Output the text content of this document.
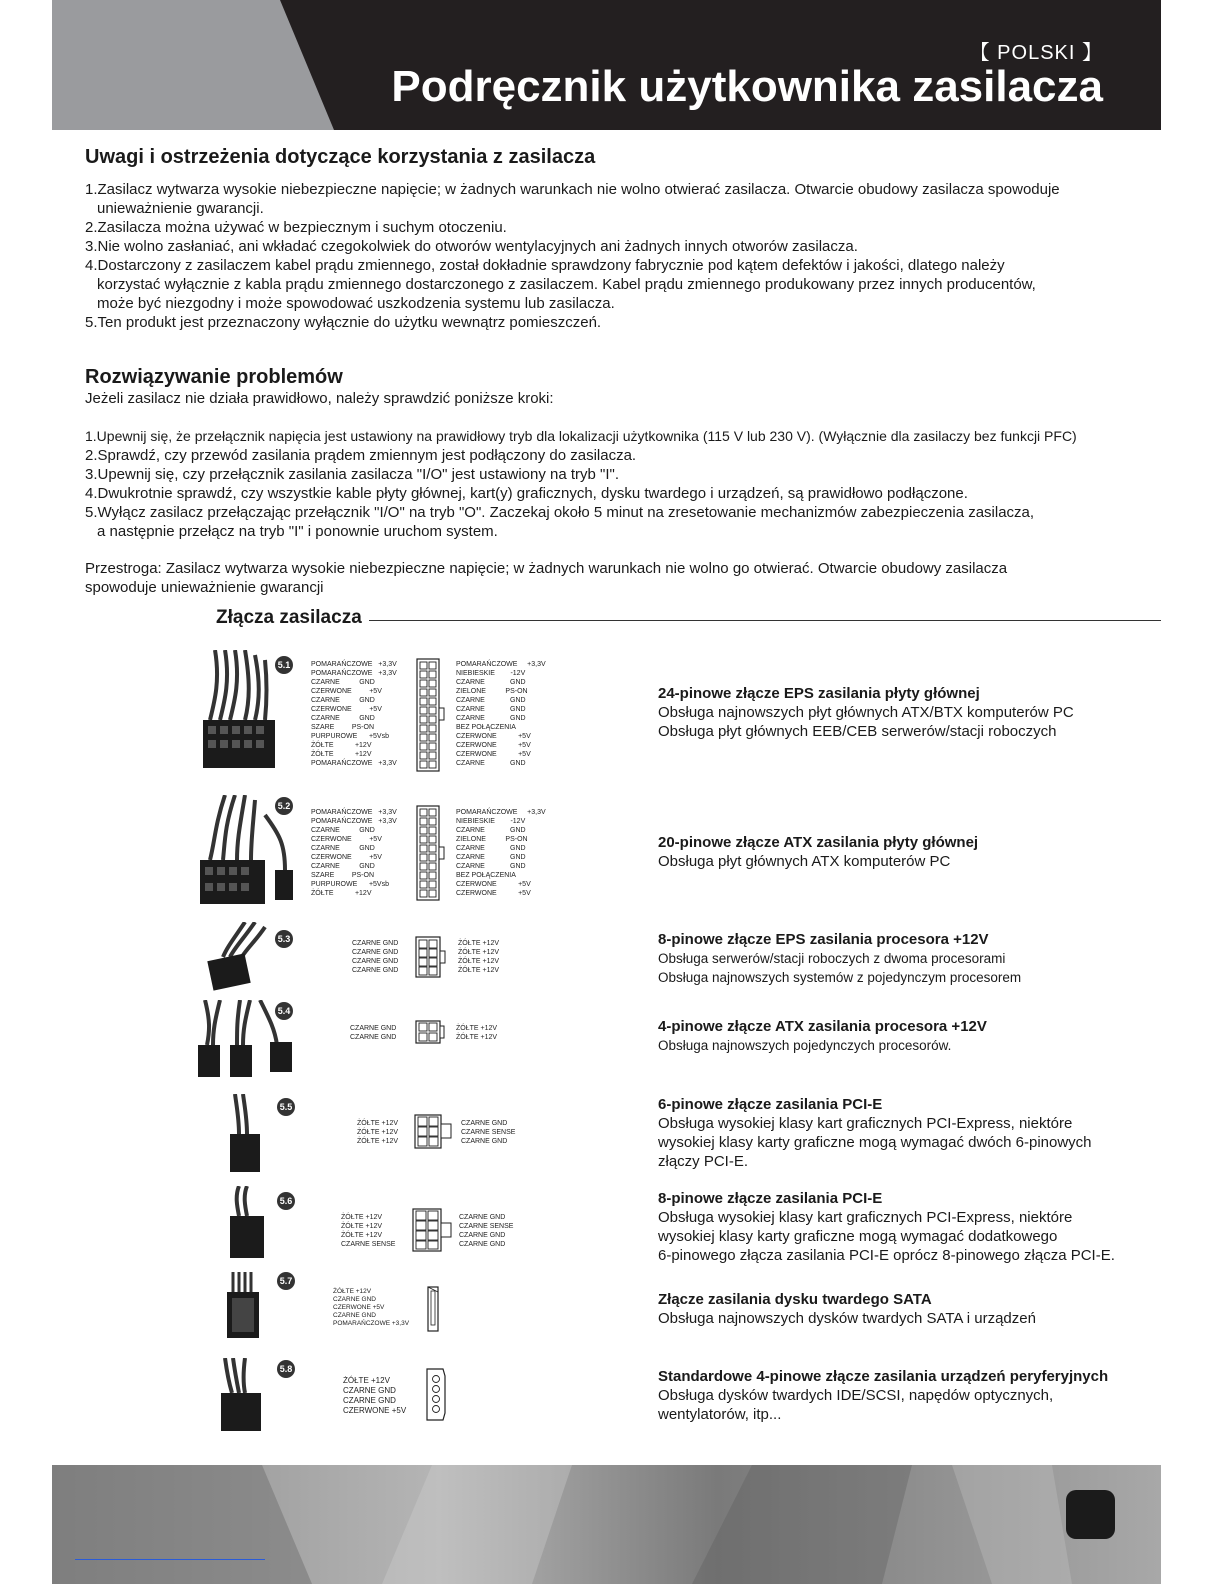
【 POLSKI 】
Podręcznik użytkownika zasilacza
Uwagi i ostrzeżenia dotyczące korzystania z zasilacza
1.Zasilacz wytwarza wysokie niebezpieczne napięcie; w żadnych warunkach nie wolno otwierać zasilacza. Otwarcie obudowy zasilacza spowoduje
unieważnienie gwarancji.
2.Zasilacza można używać w bezpiecznym i suchym otoczeniu.
3.Nie wolno zasłaniać, ani wkładać czegokolwiek do otworów wentylacyjnych ani żadnych innych otworów zasilacza.
4.Dostarczony z zasilaczem kabel prądu zmiennego, został dokładnie sprawdzony fabrycznie pod kątem defektów i jakości, dlatego należy
korzystać wyłącznie z kabla prądu zmiennego dostarczonego z zasilaczem. Kabel prądu zmiennego produkowany przez innych producentów,
może być niezgodny i może spowodować uszkodzenia systemu lub zasilacza.
5.Ten produkt jest przeznaczony wyłącznie do użytku wewnątrz pomieszczeń.
Rozwiązywanie problemów

Jeżeli zasilacz nie działa prawidłowo, należy sprawdzić poniższe kroki:

1.Upewnij się, że przełącznik napięcia jest ustawiony na prawidłowy tryb dla lokalizacji użytkownika (115 V lub 230 V). (Wyłącznie dla zasilaczy bez funkcji PFC)
2.Sprawdź, czy przewód zasilania prądem zmiennym jest podłączony do zasilacza.
3.Upewnij się, czy przełącznik zasilania zasilacza "I/O" jest ustawiony na tryb "I".
4.Dwukrotnie sprawdź, czy wszystkie kable płyty głównej, kart(y) graficznych, dysku twardego i urządzeń, są prawidłowo podłączone.
5.Wyłącz zasilacz przełączając przełącznik "I/O" na tryb "O". Zaczekaj około 5 minut na zresetowanie mechanizmów zabezpieczenia zasilacza,
a następnie przełącz na tryb "I" i ponownie uruchom system.

Przestroga: Zasilacz wytwarza wysokie niebezpieczne napięcie; w żadnych warunkach nie wolno go otwierać. Otwarcie obudowy zasilacza

spowoduje unieważnienie gwarancji

Złącza zasilacza
5.1	POMARAŃCZOWE   +3,3V
POMARAŃCZOWE   +3,3V
CZARNE          GND
CZERWONE         +5V
CZARNE          GND
CZERWONE         +5V
CZARNE          GND
SZARE         PS-ON
PURPUROWE      +5Vsb
ŻÓŁTE           +12V
ŻÓŁTE           +12V
POMARAŃCZOWE   +3,3V
POMARAŃCZOWE     +3,3V
NIEBIESKIE        -12V
CZARNE             GND
ZIELONE          PS-ON
CZARNE             GND
CZARNE             GND
CZARNE             GND
BEZ POŁĄCZENIA
CZERWONE           +5V
CZERWONE           +5V
CZERWONE           +5V
CZARNE             GND
24-pinowe złącze EPS zasilania płyty głównej
Obsługa najnowszych płyt głównych ATX/BTX komputerów PC
Obsługa płyt głównych EEB/CEB serwerów/stacji roboczych
5.2
POMARAŃCZOWE   +3,3V
POMARAŃCZOWE   +3,3V
CZARNE          GND
CZERWONE         +5V
CZARNE          GND
CZERWONE         +5V
CZARNE          GND
SZARE         PS-ON
PURPUROWE      +5Vsb
ŻÓŁTE           +12V
POMARAŃCZOWE     +3,3V
NIEBIESKIE        -12V
CZARNE             GND
ZIELONE          PS-ON
CZARNE             GND
CZARNE             GND
CZARNE             GND
BEZ POŁĄCZENIA
CZERWONE           +5V
CZERWONE           +5V
20-pinowe złącze ATX zasilania płyty głównej
Obsługa płyt głównych ATX komputerów PC
5.3	CZARNE GND
CZARNE GND
CZARNE GND
CZARNE GND
ŻÓŁTE +12V
ŻÓŁTE +12V
ŻÓŁTE +12V
ŻÓŁTE +12V
8-pinowe złącze EPS zasilania procesora +12V
Obsługa serwerów/stacji roboczych z dwoma procesorami
Obsługa najnowszych systemów z pojedynczym procesorem
5.4
CZARNE GND
CZARNE GND
ŻÓŁTE +12V
ŻÓŁTE +12V
4-pinowe złącze ATX zasilania procesora +12V
Obsługa najnowszych pojedynczych procesorów.
5.5
ŻÓŁTE +12V
ŻÓŁTE +12V
ŻÓŁTE +12V
CZARNE GND
CZARNE SENSE
CZARNE GND
6-pinowe złącze zasilania PCI-E
Obsługa wysokiej klasy kart graficznych PCI-Express, niektóre
wysokiej klasy karty graficzne mogą wymagać dwóch 6-pinowych
złączy PCI-E.
5.6
ŻÓŁTE +12V
ŻÓŁTE +12V
ŻÓŁTE +12V
CZARNE SENSE
CZARNE GND
CZARNE SENSE
CZARNE GND
CZARNE GND
8-pinowe złącze zasilania PCI-E
Obsługa wysokiej klasy kart graficznych PCI-Express, niektóre
wysokiej klasy karty graficzne mogą wymagać dodatkowego
6-pinowego złącza zasilania PCI-E oprócz 8-pinowego złącza PCI-E.
5.7
ŻÓŁTE +12V
CZARNE GND
CZERWONE +5V
CZARNE GND
POMARAŃCZOWE +3,3V
Złącze zasilania dysku twardego SATA
Obsługa najnowszych dysków twardych SATA i urządzeń
5.8
ŻÓŁTE +12V
CZARNE GND
CZARNE GND
CZERWONE +5V
Standardowe 4-pinowe złącze zasilania urządzeń peryferyjnych
Obsługa dysków twardych IDE/SCSI, napędów optycznych,
wentylatorów, itp...
